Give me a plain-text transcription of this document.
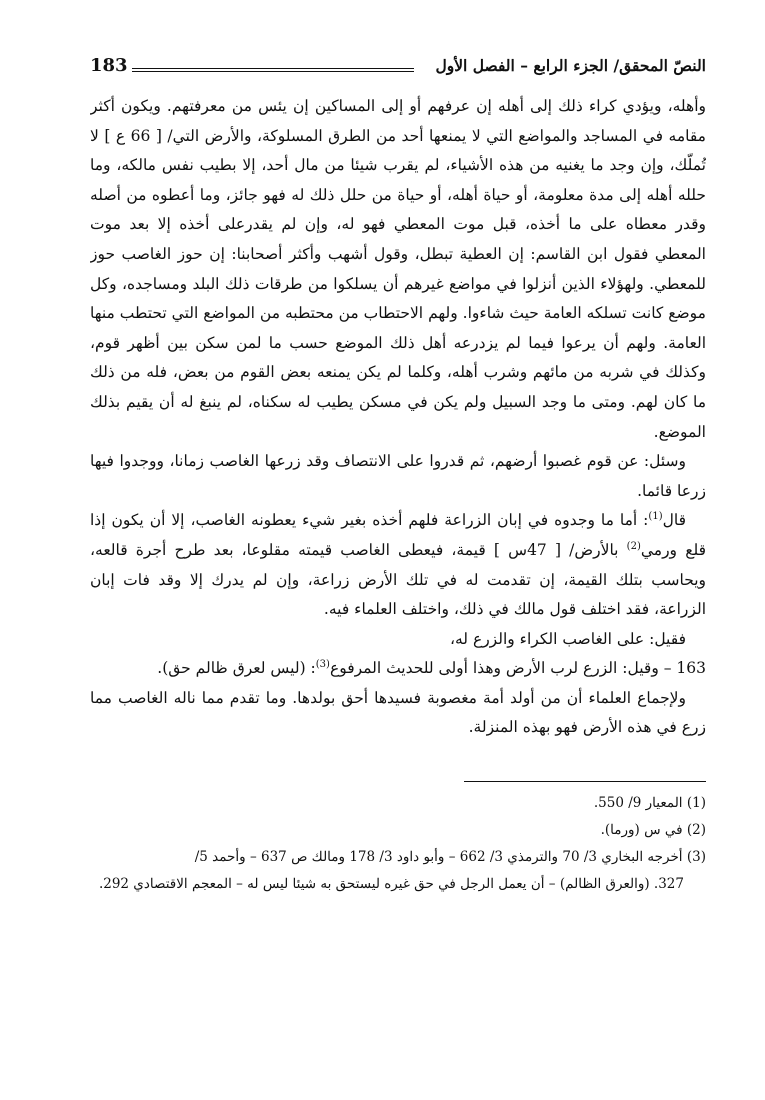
النصّ المحقق/ الجزء الرابع – الفصل الأول
183

وأهله، ويؤدي كراء ذلك إلى أهله إن عرفهم أو إلى المساكين إن يئس من معرفتهم. ويكون أكثر مقامه في المساجد والمواضع التي لا يمنعها أحد من الطرق المسلوكة، والأرض التي/ [ 66 ع ] لا تُملّك، وإن وجد ما يغنيه من هذه الأشياء، لم يقرب شيئا من مال أحد، إلا بطيب نفس مالكه، وما حلله أهله إلى مدة معلومة، أو حياة أهله، أو حياة من حلل ذلك له فهو جائز، وما أعطوه من أصله وقدر معطاه على ما أخذه، قبل موت المعطي فهو له، وإن لم يقدرعلى أخذه إلا بعد موت المعطي فقول ابن القاسم: إن العطية تبطل، وقول أشهب وأكثر أصحابنا: إن حوز الغاصب حوز للمعطي. ولهؤلاء الذين أنزلوا في مواضع غيرهم أن يسلكوا من طرقات ذلك البلد ومساجده، وكل موضع كانت تسلكه العامة حيث شاءوا. ولهم الاحتطاب من محتطبه من المواضع التي تحتطب منها العامة. ولهم أن يرعوا فيما لم يزدرعه أهل ذلك الموضع حسب ما لمن سكن بين أظهر قوم، وكذلك في شربه من مائهم وشرب أهله، وكلما لم يكن يمنعه بعض القوم من بعض، فله من ذلك ما كان لهم. ومتى ما وجد السبيل ولم يكن في مسكن يطيب له سكناه، لم ينبغ له أن يقيم بذلك الموضع.

وسئل: عن قوم غصبوا أرضهم، ثم قدروا على الانتصاف وقد زرعها الغاصب زمانا، ووجدوا فيها زرعا قائما.

قال$^{(1)}$: أما ما وجدوه في إبان الزراعة فلهم أخذه بغير شيء يعطونه الغاصب، إلا أن يكون إذا قلع ورمي$^{(2)}$ بالأرض/ [ 47س ] قيمة، فيعطى الغاصب قيمته مقلوعا، بعد طرح أجرة قالعه، ويحاسب بتلك القيمة، إن تقدمت له في تلك الأرض زراعة، وإن لم يدرك إلا وقد فات إبان الزراعة، فقد اختلف قول مالك في ذلك، واختلف العلماء فيه.

فقيل: على الغاصب الكراء والزرع له،

163 – وقيل: الزرع لرب الأرض وهذا أولى للحديث المرفوع$^{(3)}$: (ليس لعرق ظالم حق).

ولإجماع العلماء أن من أولد أمة مغصوبة فسيدها أحق بولدها. وما تقدم مما ناله الغاصب مما زرع في هذه الأرض فهو بهذه المنزلة.

(1) المعيار 9/ 550.

(2) في س (ورما).

(3) أخرجه البخاري 3/ 70 والترمذي 3/ 662 – وأبو داود 3/ 178 ومالك ص 637 – وأحمد 5/

327. (والعرق الظالم) – أن يعمل الرجل في حق غيره ليستحق به شيئا ليس له – المعجم الاقتصادي 292.
